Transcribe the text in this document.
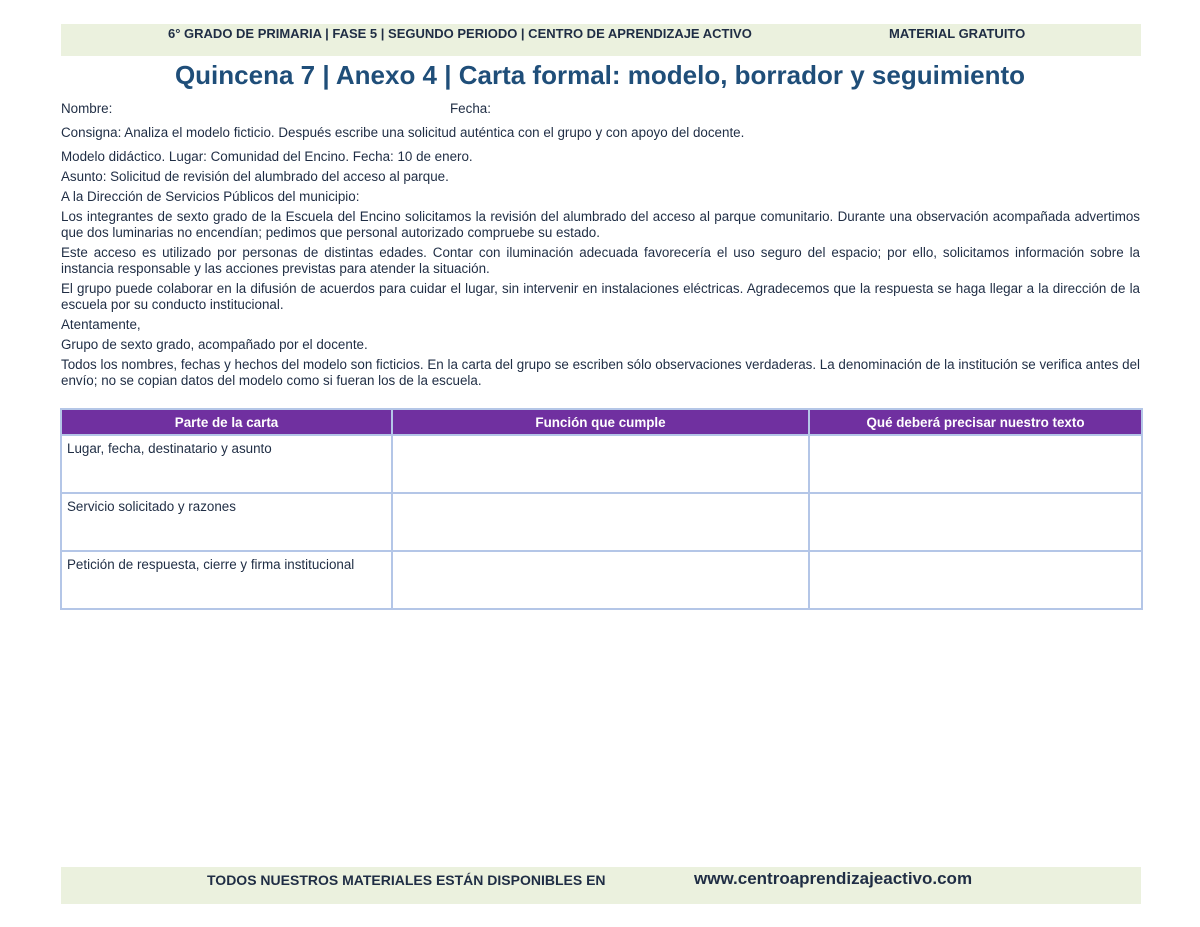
6° GRADO DE PRIMARIA | FASE 5 | SEGUNDO PERIODO | CENTRO DE APRENDIZAJE ACTIVO	MATERIAL GRATUITO
Quincena 7 | Anexo 4 | Carta formal: modelo, borrador y seguimiento
Nombre:	Fecha:

Consigna: Analiza el modelo ficticio. Después escribe una solicitud auténtica con el grupo y con apoyo del docente.

Modelo didáctico. Lugar: Comunidad del Encino. Fecha: 10 de enero.

Asunto: Solicitud de revisión del alumbrado del acceso al parque.

A la Dirección de Servicios Públicos del municipio:

Los integrantes de sexto grado de la Escuela del Encino solicitamos la revisión del alumbrado del acceso al parque comunitario. Durante una observación acompañada advertimos que dos luminarias no encendían; pedimos que personal autorizado compruebe su estado.

Este acceso es utilizado por personas de distintas edades. Contar con iluminación adecuada favorecería el uso seguro del espacio; por ello, solicitamos información sobre la instancia responsable y las acciones previstas para atender la situación.

El grupo puede colaborar en la difusión de acuerdos para cuidar el lugar, sin intervenir en instalaciones eléctricas. Agradecemos que la respuesta se haga llegar a la dirección de la escuela por su conducto institucional.

Atentamente,

Grupo de sexto grado, acompañado por el docente.

Todos los nombres, fechas y hechos del modelo son ficticios. En la carta del grupo se escriben sólo observaciones verdaderas. La denominación de la institución se verifica antes del envío; no se copian datos del modelo como si fueran los de la escuela.

Parte de la carta	Función que cumple	Qué deberá precisar nuestro texto
Lugar, fecha, destinatario y asunto		
Servicio solicitado y razones		
Petición de respuesta, cierre y firma institucional		
TODOS NUESTROS MATERIALES ESTÁN DISPONIBLES EN	www.centroaprendizajeactivo.com
